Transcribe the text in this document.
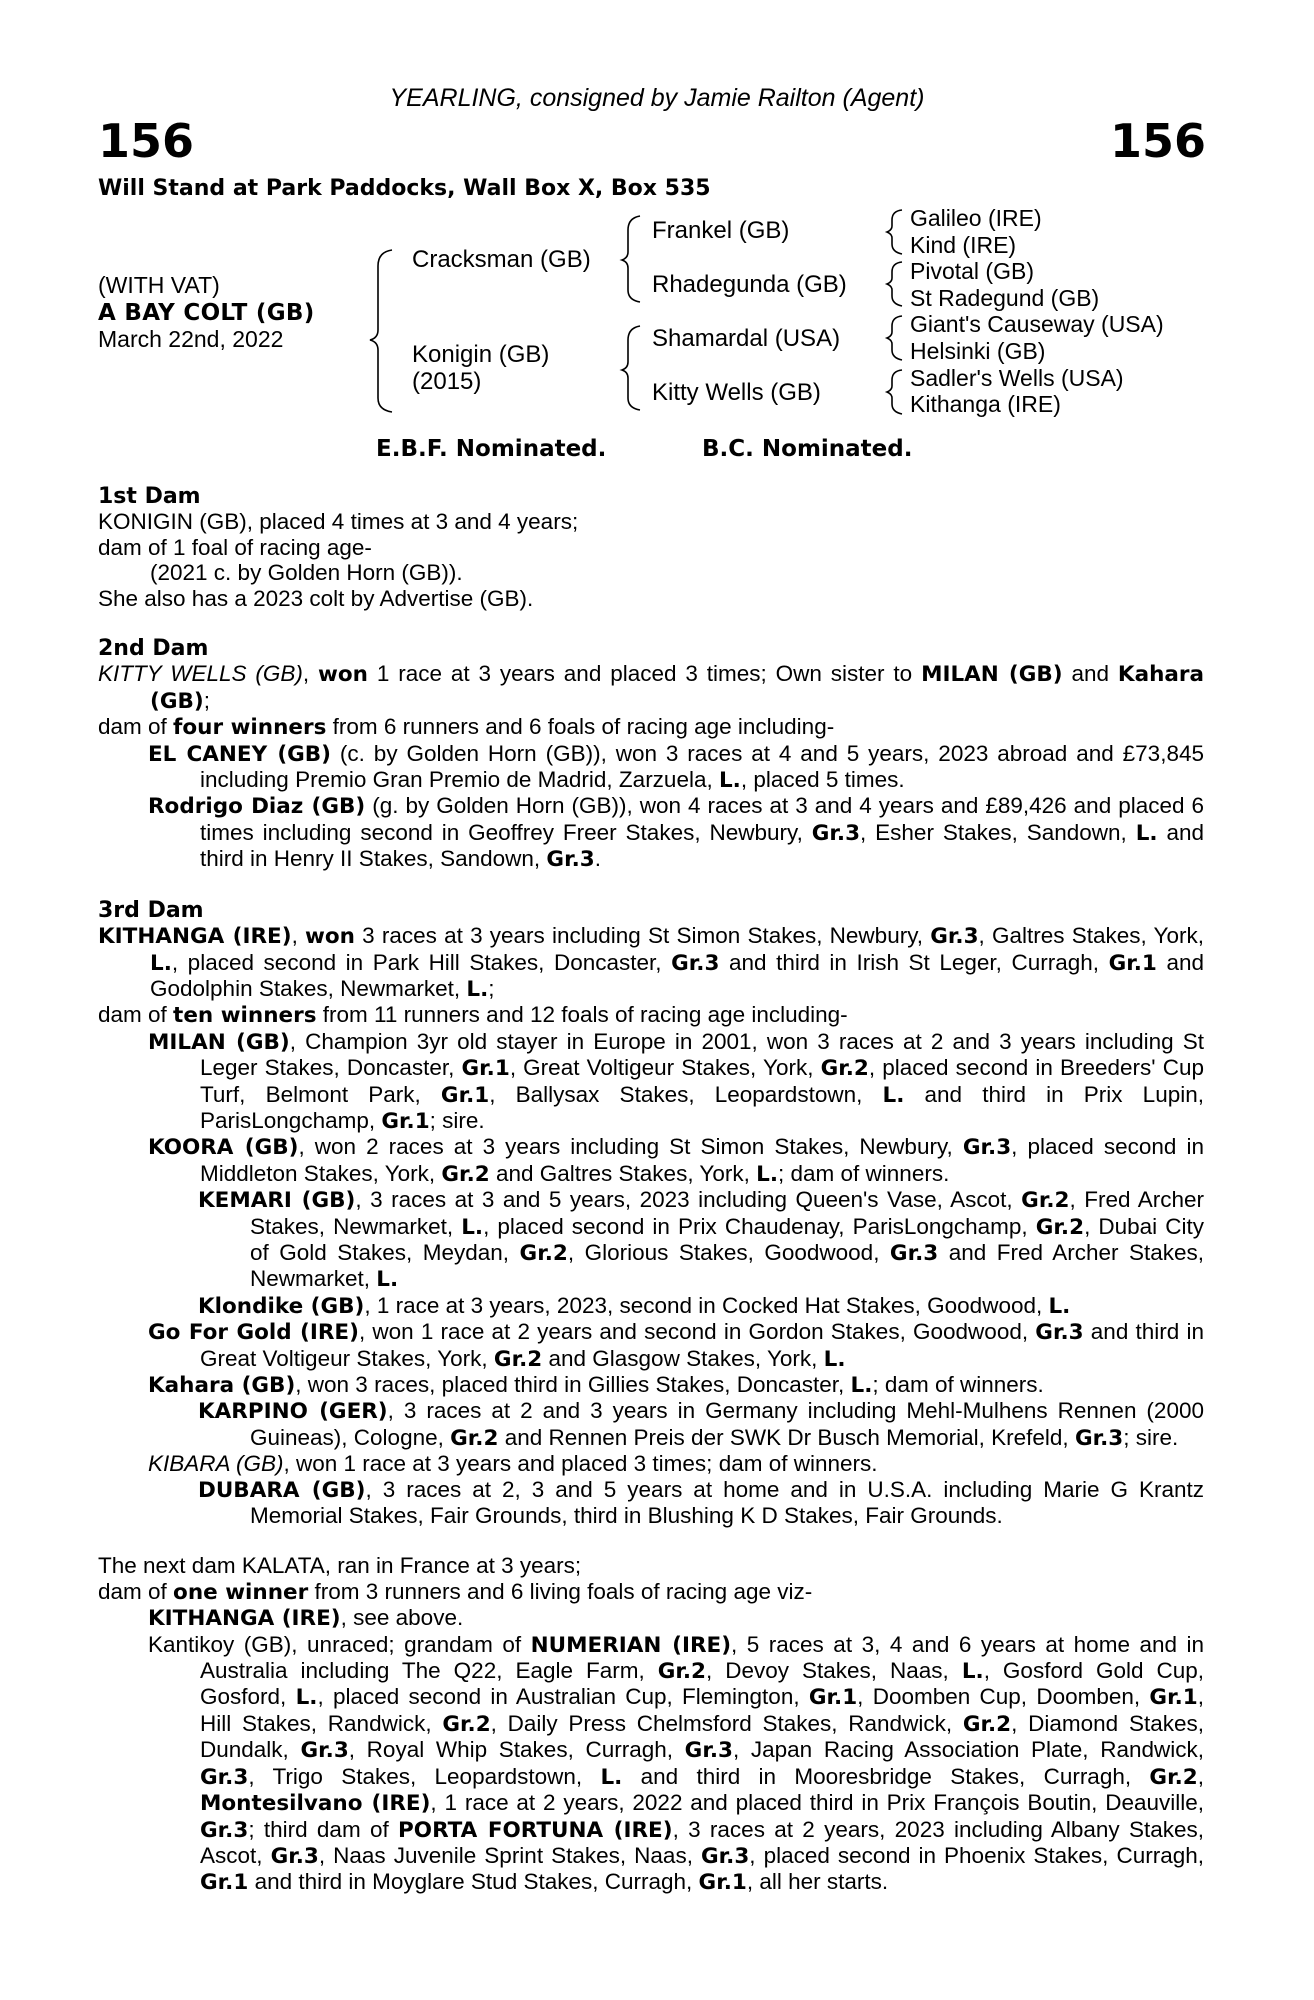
YEARLING, consigned by Jamie Railton (Agent)
156	156
Will Stand at Park Paddocks, Wall Box X, Box 535
(WITH VAT)
A BAY COLT (GB)
March 22nd, 2022
Cracksman (GB)
Konigin (GB)
(2015)
Frankel (GB)
Rhadegunda (GB)
Shamardal (USA)
Kitty Wells (GB)
Galileo (IRE)
Kind (IRE)
Pivotal (GB)
St Radegund (GB)
Giant's Causeway (USA)
Helsinki (GB)
Sadler's Wells (USA)
Kithanga (IRE)
E.B.F. Nominated.	B.C. Nominated.

1st Dam

KONIGIN (GB), placed 4 times at 3 and 4 years;

dam of 1 foal of racing age-

(2021 c. by Golden Horn (GB)).

She also has a 2023 colt by Advertise (GB).

2nd Dam

KITTY WELLS (GB), won 1 race at 3 years and placed 3 times; Own sister to MILAN (GB) and Kahara (GB);

dam of four winners from 6 runners and 6 foals of racing age including-

EL CANEY (GB) (c. by Golden Horn (GB)), won 3 races at 4 and 5 years, 2023 abroad and £73,845 including Premio Gran Premio de Madrid, Zarzuela, L., placed 5 times.

Rodrigo Diaz (GB) (g. by Golden Horn (GB)), won 4 races at 3 and 4 years and £89,426 and placed 6 times including second in Geoffrey Freer Stakes, Newbury, Gr.3, Esher Stakes, Sandown, L. and third in Henry II Stakes, Sandown, Gr.3.

3rd Dam

KITHANGA (IRE), won 3 races at 3 years including St Simon Stakes, Newbury, Gr.3, Galtres Stakes, York, L., placed second in Park Hill Stakes, Doncaster, Gr.3 and third in Irish St Leger, Curragh, Gr.1 and Godolphin Stakes, Newmarket, L.;

dam of ten winners from 11 runners and 12 foals of racing age including-

MILAN (GB), Champion 3yr old stayer in Europe in 2001, won 3 races at 2 and 3 years including St Leger Stakes, Doncaster, Gr.1, Great Voltigeur Stakes, York, Gr.2, placed second in Breeders' Cup Turf, Belmont Park, Gr.1, Ballysax Stakes, Leopardstown, L. and third in Prix Lupin, ParisLongchamp, Gr.1; sire.

KOORA (GB), won 2 races at 3 years including St Simon Stakes, Newbury, Gr.3, placed second in Middleton Stakes, York, Gr.2 and Galtres Stakes, York, L.; dam of winners.

KEMARI (GB), 3 races at 3 and 5 years, 2023 including Queen's Vase, Ascot, Gr.2, Fred Archer Stakes, Newmarket, L., placed second in Prix Chaudenay, ParisLongchamp, Gr.2, Dubai City of Gold Stakes, Meydan, Gr.2, Glorious Stakes, Goodwood, Gr.3 and Fred Archer Stakes, Newmarket, L.

Klondike (GB), 1 race at 3 years, 2023, second in Cocked Hat Stakes, Goodwood, L.

Go For Gold (IRE), won 1 race at 2 years and second in Gordon Stakes, Goodwood, Gr.3 and third in Great Voltigeur Stakes, York, Gr.2 and Glasgow Stakes, York, L.

Kahara (GB), won 3 races, placed third in Gillies Stakes, Doncaster, L.; dam of winners.

KARPINO (GER), 3 races at 2 and 3 years in Germany including Mehl-Mulhens Rennen (2000 Guineas), Cologne, Gr.2 and Rennen Preis der SWK Dr Busch Memorial, Krefeld, Gr.3; sire.

KIBARA (GB), won 1 race at 3 years and placed 3 times; dam of winners.

DUBARA (GB), 3 races at 2, 3 and 5 years at home and in U.S.A. including Marie G Krantz Memorial Stakes, Fair Grounds, third in Blushing K D Stakes, Fair Grounds.

The next dam KALATA, ran in France at 3 years;

dam of one winner from 3 runners and 6 living foals of racing age viz-

KITHANGA (IRE), see above.

Kantikoy (GB), unraced; grandam of NUMERIAN (IRE), 5 races at 3, 4 and 6 years at home and in Australia including The Q22, Eagle Farm, Gr.2, Devoy Stakes, Naas, L., Gosford Gold Cup, Gosford, L., placed second in Australian Cup, Flemington, Gr.1, Doomben Cup, Doomben, Gr.1, Hill Stakes, Randwick, Gr.2, Daily Press Chelmsford Stakes, Randwick, Gr.2, Diamond Stakes, Dundalk, Gr.3, Royal Whip Stakes, Curragh, Gr.3, Japan Racing Association Plate, Randwick, Gr.3, Trigo Stakes, Leopardstown, L. and third in Mooresbridge Stakes, Curragh, Gr.2, Montesilvano (IRE), 1 race at 2 years, 2022 and placed third in Prix François Boutin, Deauville, Gr.3; third dam of PORTA FORTUNA (IRE), 3 races at 2 years, 2023 including Albany Stakes, Ascot, Gr.3, Naas Juvenile Sprint Stakes, Naas, Gr.3, placed second in Phoenix Stakes, Curragh, Gr.1 and third in Moyglare Stud Stakes, Curragh, Gr.1, all her starts.
